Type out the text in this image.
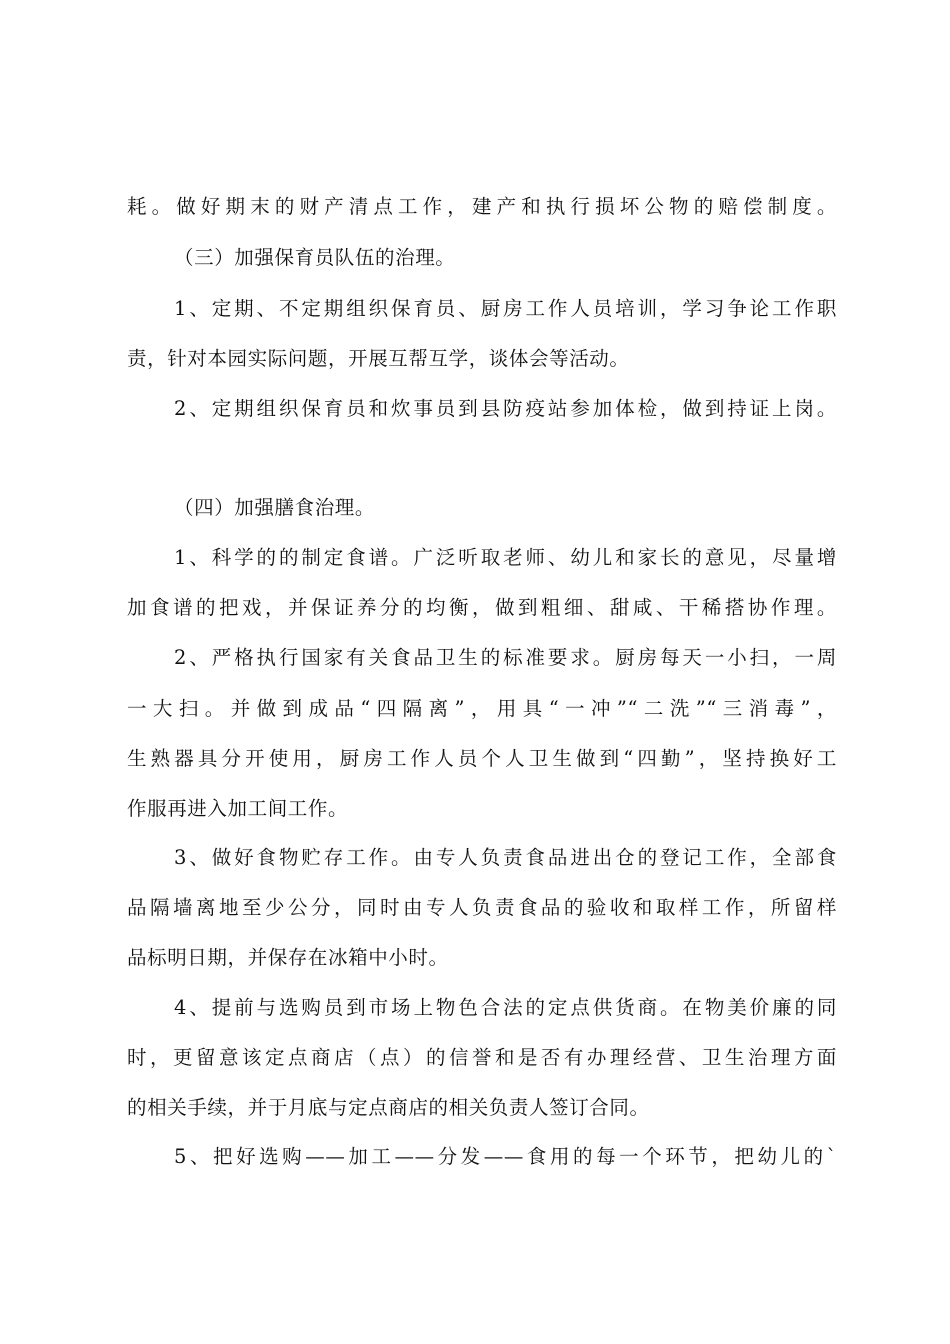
耗。做好期末的财产清点工作，建产和执行损坏公物的赔偿制度。
（三）加强保育员队伍的治理。
1、定期、不定期组织保育员、厨房工作人员培训，学习争论工作职
责，针对本园实际问题，开展互帮互学，谈体会等活动。
2、定期组织保育员和炊事员到县防疫站参加体检，做到持证上岗。
（四）加强膳食治理。
1、科学的的制定食谱。广泛听取老师、幼儿和家长的意见，尽量增
加食谱的把戏，并保证养分的均衡，做到粗细、甜咸、干稀搭协作理。
2、严格执行国家有关食品卫生的标准要求。厨房每天一小扫，一周
一大扫。并做到成品“四隔离”，用具“一冲”“二洗”“三消毒”，
生熟器具分开使用，厨房工作人员个人卫生做到“四勤”，坚持换好工
作服再进入加工间工作。
3、做好食物贮存工作。由专人负责食品进出仓的登记工作，全部食
品隔墙离地至少公分，同时由专人负责食品的验收和取样工作，所留样
品标明日期，并保存在冰箱中小时。
4、提前与选购员到市场上物色合法的定点供货商。在物美价廉的同
时，更留意该定点商店（点）的信誉和是否有办理经营、卫生治理方面
的相关手续，并于月底与定点商店的相关负责人签订合同。
5、把好选购——加工——分发——食用的每一个环节，把幼儿的`
